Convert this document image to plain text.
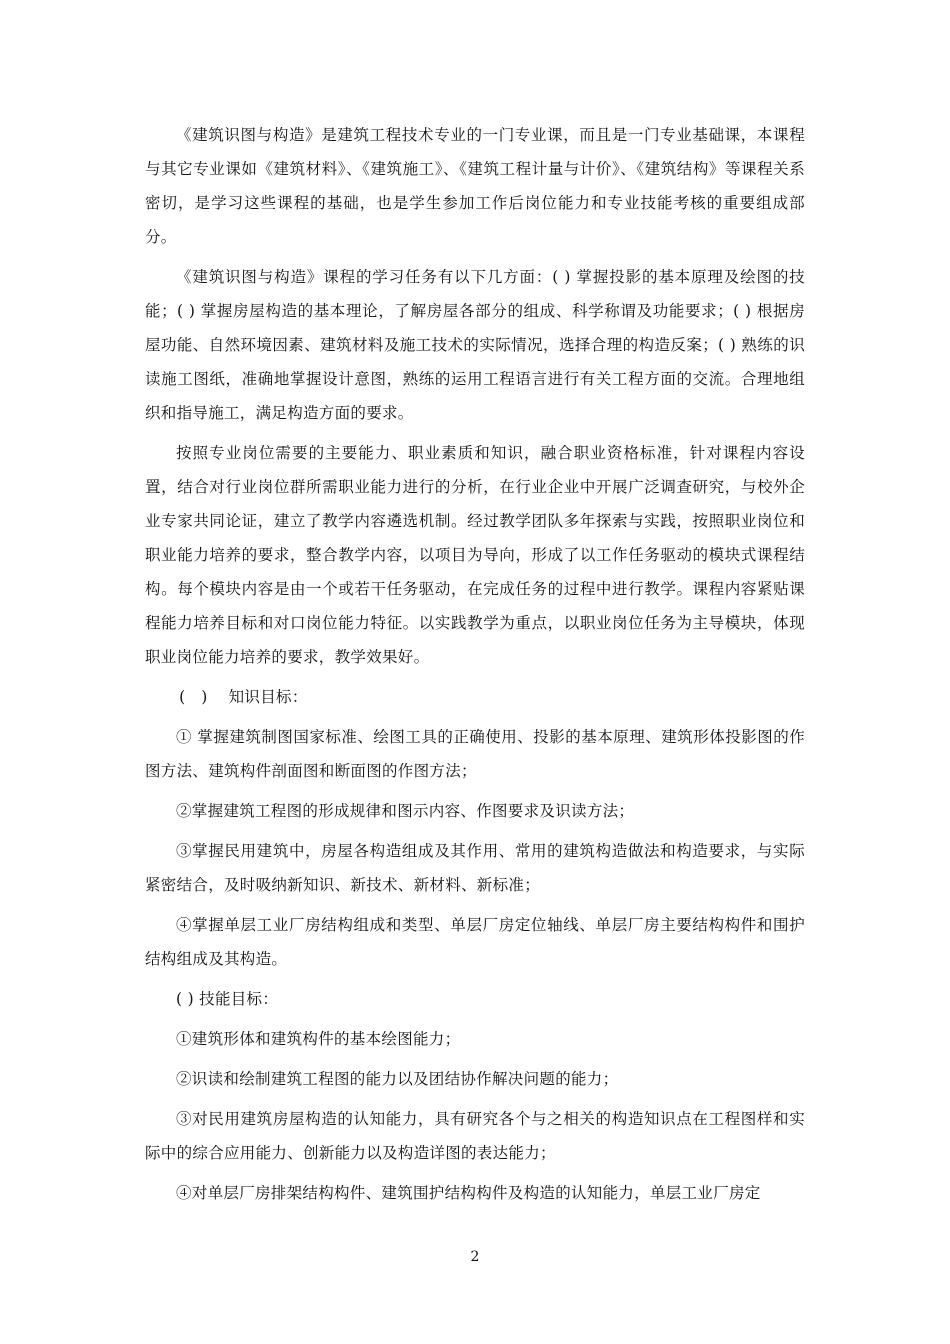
《建筑识图与构造》是建筑工程技术专业的一门专业课，而且是一门专业基础课，本课程与其它专业课如《建筑材料》、《建筑施工》、《建筑工程计量与计价》、《建筑结构》等课程关系密切，是学习这些课程的基础，也是学生参加工作后岗位能力和专业技能考核的重要组成部分。

《建筑识图与构造》课程的学习任务有以下几方面：( ) 掌握投影的基本原理及绘图的技能；( ) 掌握房屋构造的基本理论，了解房屋各部分的组成、科学称谓及功能要求；( ) 根据房屋功能、自然环境因素、建筑材料及施工技术的实际情况，选择合理的构造反案；( ) 熟练的识读施工图纸，准确地掌握设计意图，熟练的运用工程语言进行有关工程方面的交流。合理地组织和指导施工，满足构造方面的要求。

按照专业岗位需要的主要能力、职业素质和知识，融合职业资格标准，针对课程内容设置，结合对行业岗位群所需职业能力进行的分析，在行业企业中开展广泛调查研究，与校外企业专家共同论证，建立了教学内容遴选机制。经过教学团队多年探索与实践，按照职业岗位和职业能力培养的要求，整合教学内容，以项目为导向，形成了以工作任务驱动的模块式课程结构。每个模块内容是由一个或若干任务驱动，在完成任务的过程中进行教学。课程内容紧贴课程能力培养目标和对口岗位能力特征。以实践教学为重点，以职业岗位任务为主导模块，体现职业岗位能力培养的要求，教学效果好。

(　)　 知识目标：

① 掌握建筑制图国家标准、绘图工具的正确使用、投影的基本原理、建筑形体投影图的作图方法、建筑构件剖面图和断面图的作图方法；

②掌握建筑工程图的形成规律和图示内容、作图要求及识读方法；

③掌握民用建筑中，房屋各构造组成及其作用、常用的建筑构造做法和构造要求，与实际紧密结合，及时吸纳新知识、新技术、新材料、新标准；

④掌握单层工业厂房结构组成和类型、单层厂房定位轴线、单层厂房主要结构构件和围护结构组成及其构造。

( ) 技能目标：

①建筑形体和建筑构件的基本绘图能力；

②识读和绘制建筑工程图的能力以及团结协作解决问题的能力；

③对民用建筑房屋构造的认知能力，具有研究各个与之相关的构造知识点在工程图样和实际中的综合应用能力、创新能力以及构造详图的表达能力；

④对单层厂房排架结构构件、建筑围护结构构件及构造的认知能力，单层工业厂房定

2
